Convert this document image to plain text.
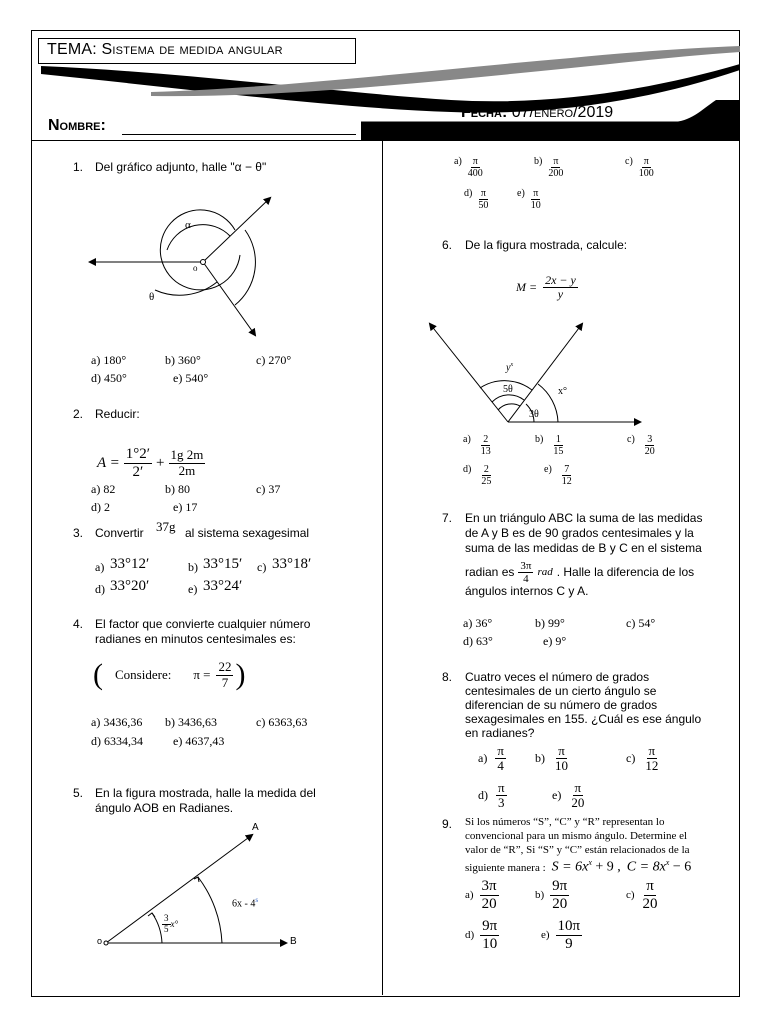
TEMA: Sistema de medida angular
Nombre:
Fecha: 07/enero/2019
1. Del gráfico adjunto, halle "α − θ"
α
θ
o
a) 180°	b) 360°	c) 270°
d) 450°	e) 540°
2. Reducir:
$A = \frac{1^\circ 2'}{2'} + \frac{1g 2m}{2m}$
a) 82	b) 80	c) 37
d) 2	e) 17
3. Convertir 37g al sistema sexagesimal
a) 33°12′	b) 33°15′ c) 33°18′
d) 33°20′	e) 33°24′
4. El factor que convierte cualquier número radianes en minutos centesimales es:
( Considere: $\pi = \frac{22}{7}$ )
a) 3436,36 b) 3436,63	c) 6363,63
d) 6334,34	e) 4637,43
5. En la figura mostrada, halle la medida del ángulo AOB en Radianes.
A
B
o
6x - 4$^s$
$\frac{3}{5} x^\circ$
$a) \frac{\pi}{400}$	$b) \frac{\pi}{200}$	$c) \frac{\pi}{100}$
$d) \frac{\pi}{50}$	$e) \frac{\pi}{10}$
6. De la figura mostrada, calcule:
$M = \frac{2x - y}{y}$
$y^x$
5θ	x°
3θ
$a) \frac{2}{13}$	$b) \frac{1}{15}$	$c) \frac{3}{20}$
$d) \frac{2}{25}$	$e) \frac{7}{12}$
7. En un triángulo ABC la suma de las medidas
de A y B es de 90 grados centesimales y la
suma de las medidas de B y C en el sistema
radian es $\frac{3\pi}{4}$ rad . Halle la diferencia de los
ángulos internos C y A.
a) 36°	b) 99°	c) 54°
d) 63°	e) 9°
8. Cuatro veces el número de grados
centesimales de un cierto ángulo se
diferencian de su número de grados
sexagesimales en 155. ¿Cuál es ese ángulo
en radianes?
$a) \frac{\pi}{4} b) \frac{\pi}{10}$	$c) \frac{\pi}{12}$
$d) \frac{\pi}{3}$	$e) \frac{\pi}{20}$
9. Si los números “S”, “C” y “R” representan lo
convencional para un mismo ángulo. Determine el
valor de “R”, Si “S” y “C” están relacionados de la
siguiente manera : $S = 6x^x + 9$ , $C = 8x^x - 6$
$a) \frac{3\pi}{20}$	$b) \frac{9\pi}{20}$	$c) \frac{\pi}{20}$
$d) \frac{9\pi}{10}$	$e) \frac{10\pi}{9}$
